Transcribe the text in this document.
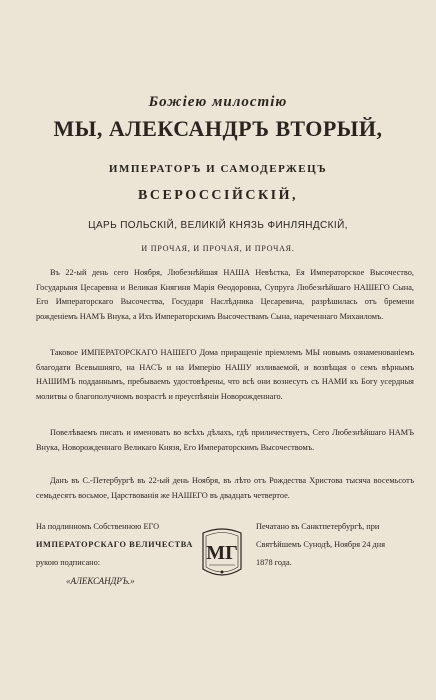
Божiею милостiю
МЫ, АЛЕКСАНДРЪ ВТОРЫЙ,
ИМПЕРАТОРЪ И САМОДЕРЖЕЦЪ
ВСЕРОССIЙСКIЙ,
ЦАРЬ ПОЛЬСКIЙ, ВЕЛИКIЙ КНЯЗЬ ФИНЛЯНДСКIЙ,
И ПРОЧАЯ, И ПРОЧАЯ, И ПРОЧАЯ.
Въ 22-ый день сего Ноября, Любезнѣйшая НАША Невѣстка, Ея Императорское Высочество, Государыня Цесаревна и Великая Княгиня Марiя Ѳеодоровна, Супруга Любезнѣйшаго НАШЕГО Сына, Его Императорскаго Высочества, Государя Наслѣдника Цесаревича, разрѣшилась отъ бремени рожденiемъ НАМЪ Внука, а Ихъ Императорскимъ Высочествамъ Сына, нареченнаго Михаиломъ.
Таковое ИМПЕРАТОРСКАГО НАШЕГО Дома приращенiе прiемлемъ МЫ новымъ ознаменованiемъ благодати Всевышняго, на НАСЪ и на Имперiю НАШУ изливаемой, и возвѣщая о семъ вѣрнымъ НАШИМЪ подданнымъ, пребываемъ удостовѣрены, что всѣ они вознесутъ съ НАМИ къ Богу усердныя молитвы о благополучномъ возрастѣ и преуспѣянiи Новорожденнаго.
Повелѣваемъ писать и именовать во всѣхъ дѣлахъ, гдѣ приличествуетъ, Сего Любезнѣйшаго НАМЪ Внука, Новорожденнаго Великаго Князя, Его Императорскимъ Высочествомъ.
Данъ въ С.-Петербургѣ въ 22-ый день Ноября, въ лѣто отъ Рождества Христова тысяча восемьсотъ семьдесятъ восьмое, Царствованiя же НАШЕГО въ двадцать четвертое.
На подлинномъ Собственною ЕГО
ИМПЕРАТОРСКАГО ВЕЛИЧЕСТВА
рукою подписано:
«АЛЕКСАНДРЪ.»
МГ
Печатано въ Санктпетербургѣ, при
Святѣйшемъ Сунодѣ, Ноября 24 дня
1878 года.
